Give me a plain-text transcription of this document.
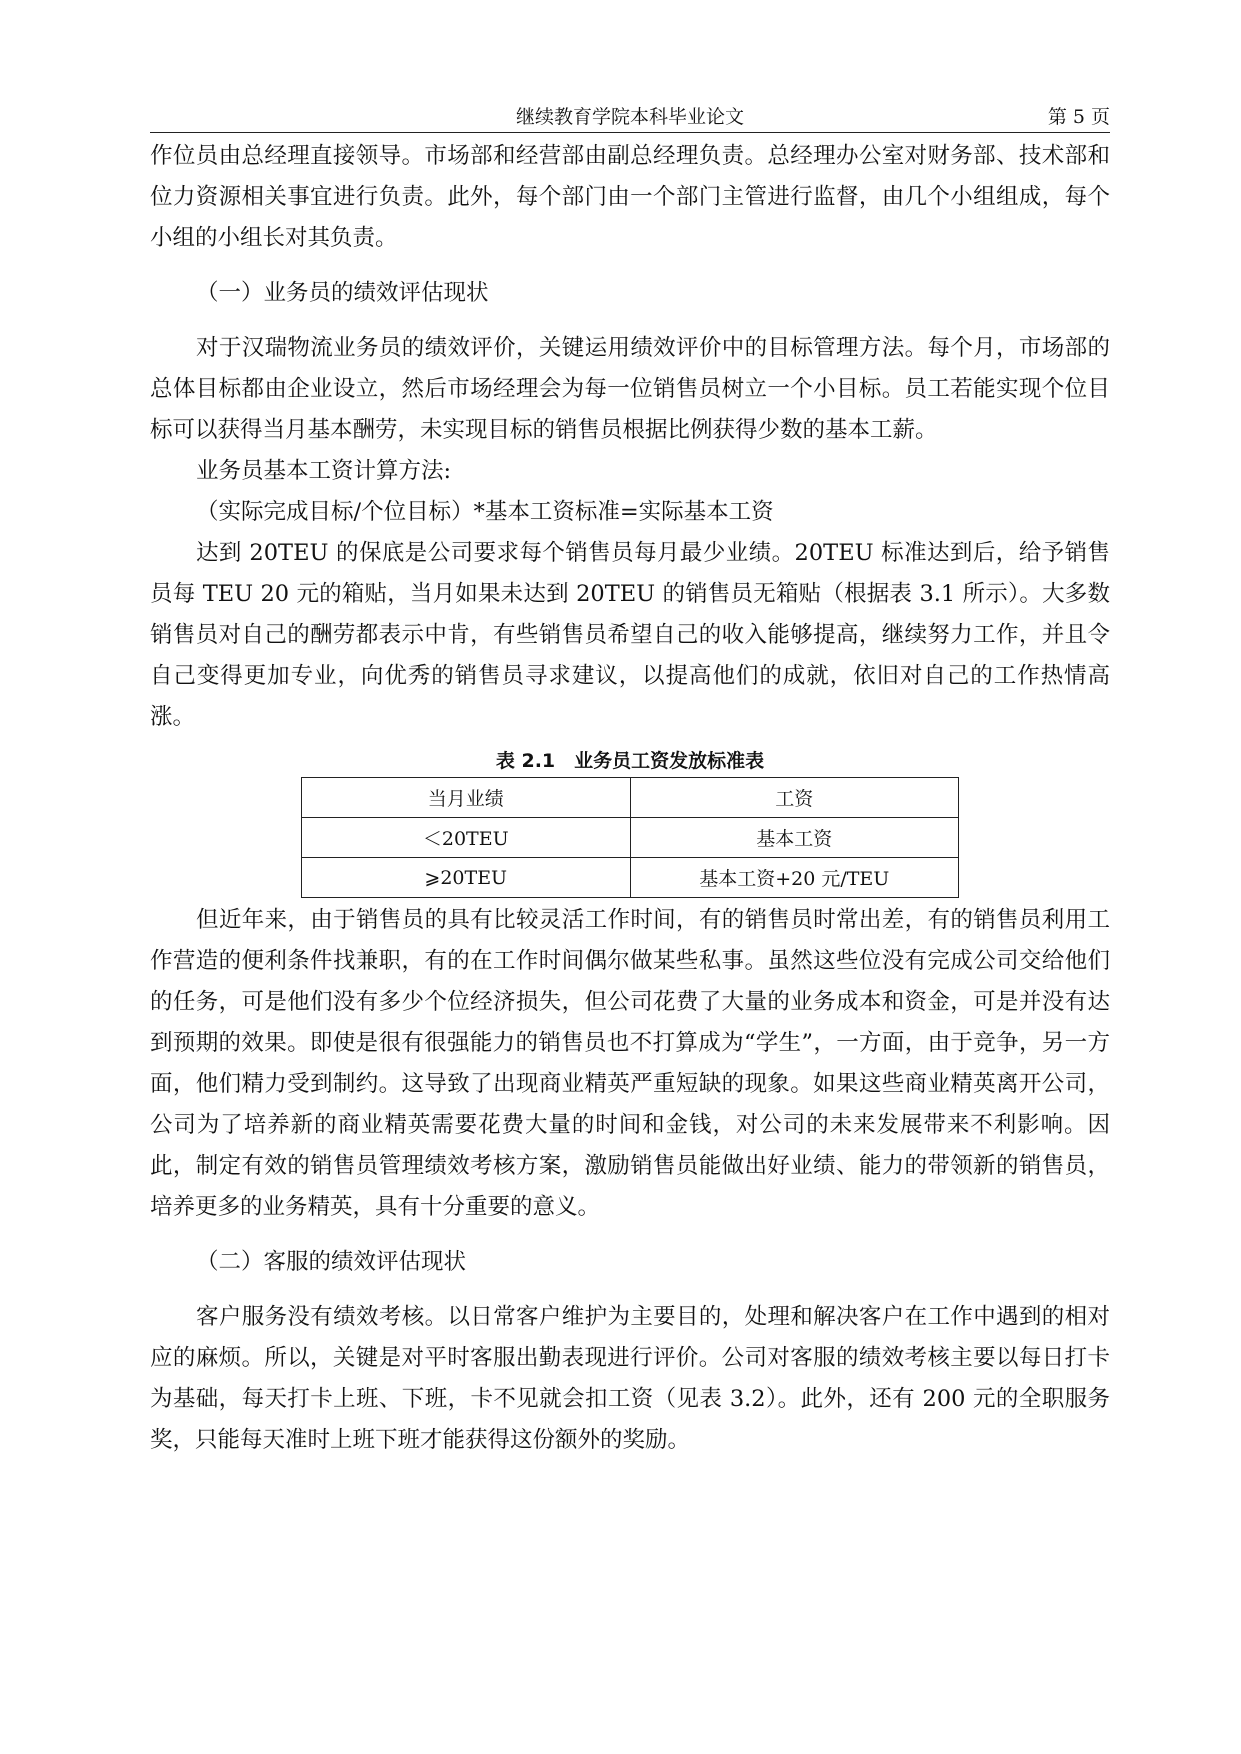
继续教育学院本科毕业论文	第 5 页

作位员由总经理直接领导。市场部和经营部由副总经理负责。总经理办公室对财务部、技术部和位力资源相关事宜进行负责。此外，每个部门由一个部门主管进行监督，由几个小组组成，每个小组的小组长对其负责。

（一）业务员的绩效评估现状

对于汉瑞物流业务员的绩效评价，关键运用绩效评价中的目标管理方法。每个月，市场部的总体目标都由企业设立，然后市场经理会为每一位销售员树立一个小目标。员工若能实现个位目标可以获得当月基本酬劳，未实现目标的销售员根据比例获得少数的基本工薪。

业务员基本工资计算方法:

（实际完成目标/个位目标）*基本工资标准=实际基本工资

达到 20TEU 的保底是公司要求每个销售员每月最少业绩。20TEU 标准达到后，给予销售员每 TEU 20 元的箱贴，当月如果未达到 20TEU 的销售员无箱贴（根据表 3.1 所示）。大多数销售员对自己的酬劳都表示中肯，有些销售员希望自己的收入能够提高，继续努力工作，并且令自己变得更加专业，向优秀的销售员寻求建议，以提高他们的成就，依旧对自己的工作热情高涨。

表 2.1　业务员工资发放标准表
当月业绩	工资
＜20TEU	基本工资
⩾20TEU	基本工资+20 元/TEU

但近年来，由于销售员的具有比较灵活工作时间，有的销售员时常出差，有的销售员利用工作营造的便利条件找兼职，有的在工作时间偶尔做某些私事。虽然这些位没有完成公司交给他们的任务，可是他们没有多少个位经济损失，但公司花费了大量的业务成本和资金，可是并没有达到预期的效果。即使是很有很强能力的销售员也不打算成为“学生”，一方面，由于竞争，另一方面，他们精力受到制约。这导致了出现商业精英严重短缺的现象。如果这些商业精英离开公司，公司为了培养新的商业精英需要花费大量的时间和金钱，对公司的未来发展带来不利影响。因此，制定有效的销售员管理绩效考核方案，激励销售员能做出好业绩、能力的带领新的销售员，培养更多的业务精英，具有十分重要的意义。

（二）客服的绩效评估现状

客户服务没有绩效考核。以日常客户维护为主要目的，处理和解决客户在工作中遇到的相对应的麻烦。所以，关键是对平时客服出勤表现进行评价。公司对客服的绩效考核主要以每日打卡为基础，每天打卡上班、下班，卡不见就会扣工资（见表 3.2）。此外，还有 200 元的全职服务奖，只能每天准时上班下班才能获得这份额外的奖励。
